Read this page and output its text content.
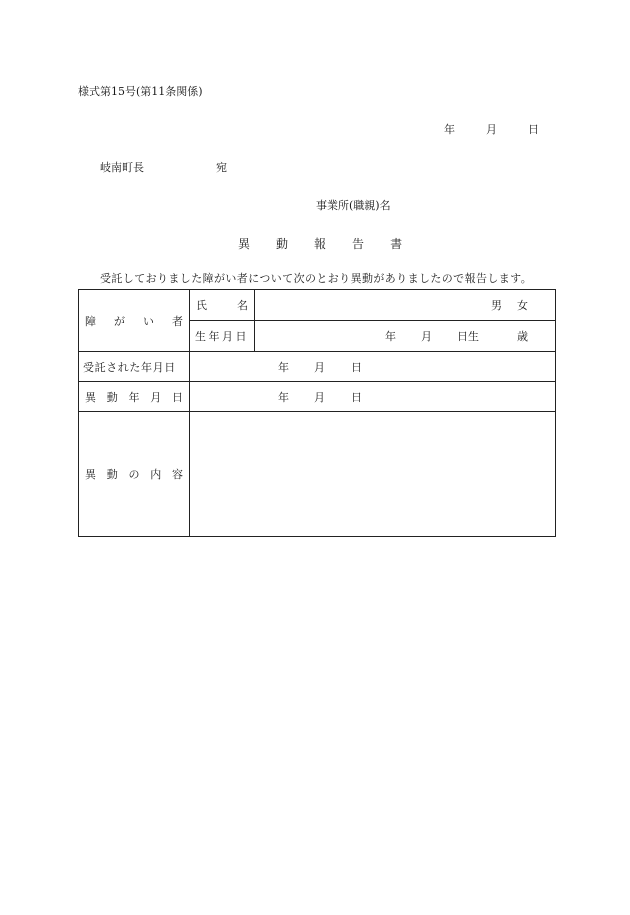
様式第15号(第11条関係)
年	月	日
岐南町長	宛
事業所(職親)名
異 動 報 告 書
受託しておりました障がい者について次のとおり異動がありましたので報告します。
障 が い 者	氏 名	男 女

	生年月日	年 月 日生 歳

受託された年月日	年 月 日	

異 動 年 月 日	年 月 日	

異 動 の 内 容		
